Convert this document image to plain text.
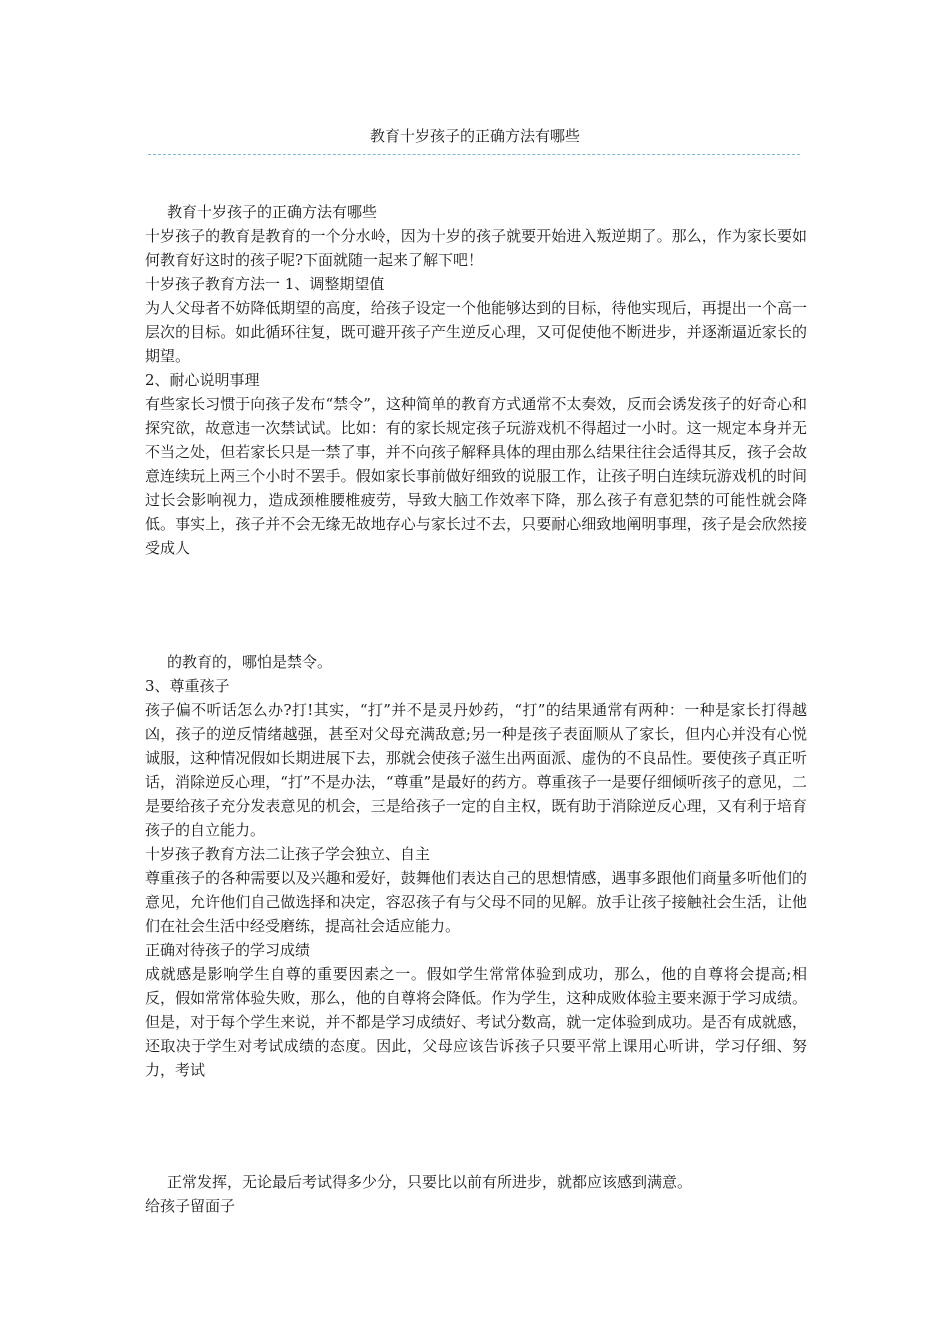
教育十岁孩子的正确方法有哪些

教育十岁孩子的正确方法有哪些

十岁孩子的教育是教育的一个分水岭，因为十岁的孩子就要开始进入叛逆期了。那么，作为家长要如何教育好这时的孩子呢?下面就随一起来了解下吧！

十岁孩子教育方法一 1、调整期望值

为人父母者不妨降低期望的高度，给孩子设定一个他能够达到的目标，待他实现后，再提出一个高一层次的目标。如此循环往复，既可避开孩子产生逆反心理，又可促使他不断进步，并逐渐逼近家长的期望。

2、耐心说明事理

有些家长习惯于向孩子发布“禁令”，这种简单的教育方式通常不太奏效，反而会诱发孩子的好奇心和探究欲，故意违一次禁试试。比如：有的家长规定孩子玩游戏机不得超过一小时。这一规定本身并无不当之处，但若家长只是一禁了事，并不向孩子解释具体的理由那么结果往往会适得其反，孩子会故意连续玩上两三个小时不罢手。假如家长事前做好细致的说服工作，让孩子明白连续玩游戏机的时间过长会影响视力，造成颈椎腰椎疲劳，导致大脑工作效率下降，那么孩子有意犯禁的可能性就会降低。事实上，孩子并不会无缘无故地存心与家长过不去，只要耐心细致地阐明事理，孩子是会欣然接受成人

的教育的，哪怕是禁令。

3、尊重孩子

孩子偏不听话怎么办?打!其实，“打”并不是灵丹妙药，“打”的结果通常有两种：一种是家长打得越凶，孩子的逆反情绪越强，甚至对父母充满敌意;另一种是孩子表面顺从了家长，但内心并没有心悦诚服，这种情况假如长期进展下去，那就会使孩子滋生出两面派、虚伪的不良品性。要使孩子真正听话，消除逆反心理，“打”不是办法，“尊重”是最好的药方。尊重孩子一是要仔细倾听孩子的意见，二是要给孩子充分发表意见的机会，三是给孩子一定的自主权，既有助于消除逆反心理，又有利于培育孩子的自立能力。

十岁孩子教育方法二让孩子学会独立、自主

尊重孩子的各种需要以及兴趣和爱好，鼓舞他们表达自己的思想情感，遇事多跟他们商量多听他们的意见，允许他们自己做选择和决定，容忍孩子有与父母不同的见解。放手让孩子接触社会生活，让他们在社会生活中经受磨练，提高社会适应能力。

正确对待孩子的学习成绩

成就感是影响学生自尊的重要因素之一。假如学生常常体验到成功，那么，他的自尊将会提高;相反，假如常常体验失败，那么，他的自尊将会降低。作为学生，这种成败体验主要来源于学习成绩。但是，对于每个学生来说，并不都是学习成绩好、考试分数高，就一定体验到成功。是否有成就感，还取决于学生对考试成绩的态度。因此，父母应该告诉孩子只要平常上课用心听讲，学习仔细、努力，考试

正常发挥，无论最后考试得多少分，只要比以前有所进步，就都应该感到满意。

给孩子留面子
